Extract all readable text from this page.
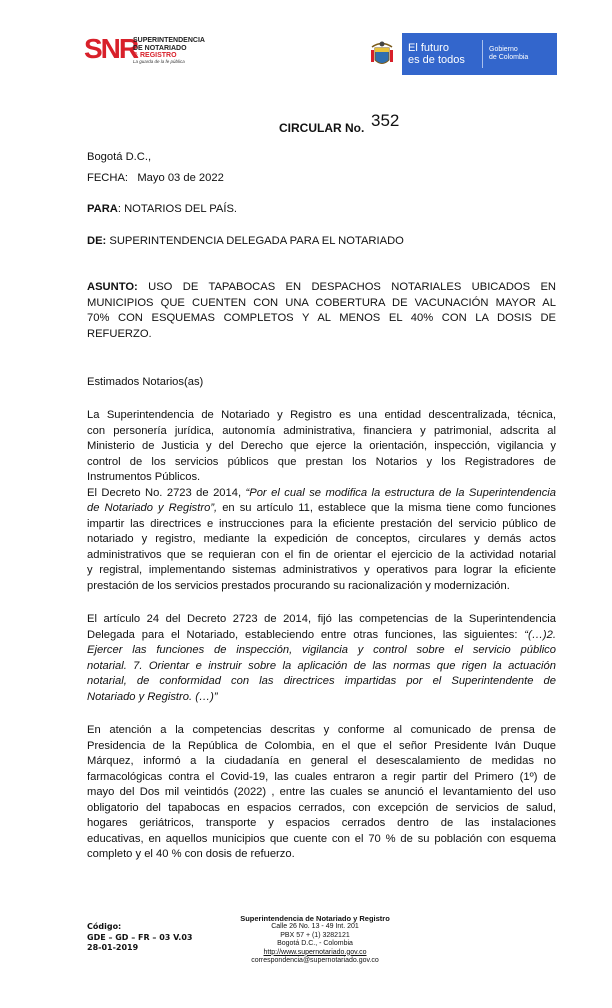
SNR
SUPERINTENDENCIA
DE NOTARIADO
& REGISTRO
La guarda de la fe pública
El futuro
es de todos
Gobierno
de Colombia
CIRCULAR No. 352
Bogotá D.C.,
FECHA: Mayo 03 de 2022
PARA: NOTARIOS DEL PAÍS.
DE: SUPERINTENDENCIA DELEGADA PARA EL NOTARIADO
ASUNTO: USO DE TAPABOCAS EN DESPACHOS NOTARIALES UBICADOS EN
MUNICIPIOS QUE CUENTEN CON UNA COBERTURA DE VACUNACIÓN MAYOR AL
70% CON ESQUEMAS COMPLETOS Y AL MENOS EL 40% CON LA DOSIS DE
REFUERZO.
Estimados Notarios(as)
La Superintendencia de Notariado y Registro es una entidad descentralizada, técnica,
con personería jurídica, autonomía administrativa, financiera y patrimonial, adscrita al
Ministerio de Justicia y del Derecho que ejerce la orientación, inspección, vigilancia y
control de los servicios públicos que prestan los Notarios y los Registradores de
Instrumentos Públicos.
El Decreto No. 2723 de 2014, “Por el cual se modifica la estructura de la Superintendencia
de Notariado y Registro”, en su artículo 11, establece que la misma tiene como funciones
impartir las directrices e instrucciones para la eficiente prestación del servicio público de
notariado y registro, mediante la expedición de conceptos, circulares y demás actos
administrativos que se requieran con el fin de orientar el ejercicio de la actividad notarial
y registral, implementando sistemas administrativos y operativos para lograr la eficiente
prestación de los servicios prestados procurando su racionalización y modernización.
El artículo 24 del Decreto 2723 de 2014, fijó las competencias de la Superintendencia
Delegada para el Notariado, estableciendo entre otras funciones, las siguientes: “(…)2.
Ejercer las funciones de inspección, vigilancia y control sobre el servicio público
notarial. 7. Orientar e instruir sobre la aplicación de las normas que rigen la actuación
notarial, de conformidad con las directrices impartidas por el Superintendente de
Notariado y Registro. (…)”
En atención a la competencias descritas y conforme al comunicado de prensa de
Presidencia de la República de Colombia, en el que el señor Presidente Iván Duque
Márquez, informó a la ciudadanía en general el desescalamiento de medidas no
farmacológicas contra el Covid-19, las cuales entraron a regir partir del Primero (1º) de
mayo del Dos mil veintidós (2022) , entre las cuales se anunció el levantamiento del uso
obligatorio del tapabocas en espacios cerrados, con excepción de servicios de salud,
hogares geriátricos, transporte y espacios cerrados dentro de las instalaciones
educativas, en aquellos municipios que cuente con el 70 % de su población con esquema
completo y el 40 % con dosis de refuerzo.
Código:
GDE – GD – FR – 03 V.03
28-01-2019
Superintendencia de Notariado y Registro
Calle 26 No. 13 - 49 Int. 201
PBX 57 + (1) 3282121
Bogotá D.C., - Colombia
http://www.supernotariado.gov.co
correspondencia@supernotariado.gov.co
